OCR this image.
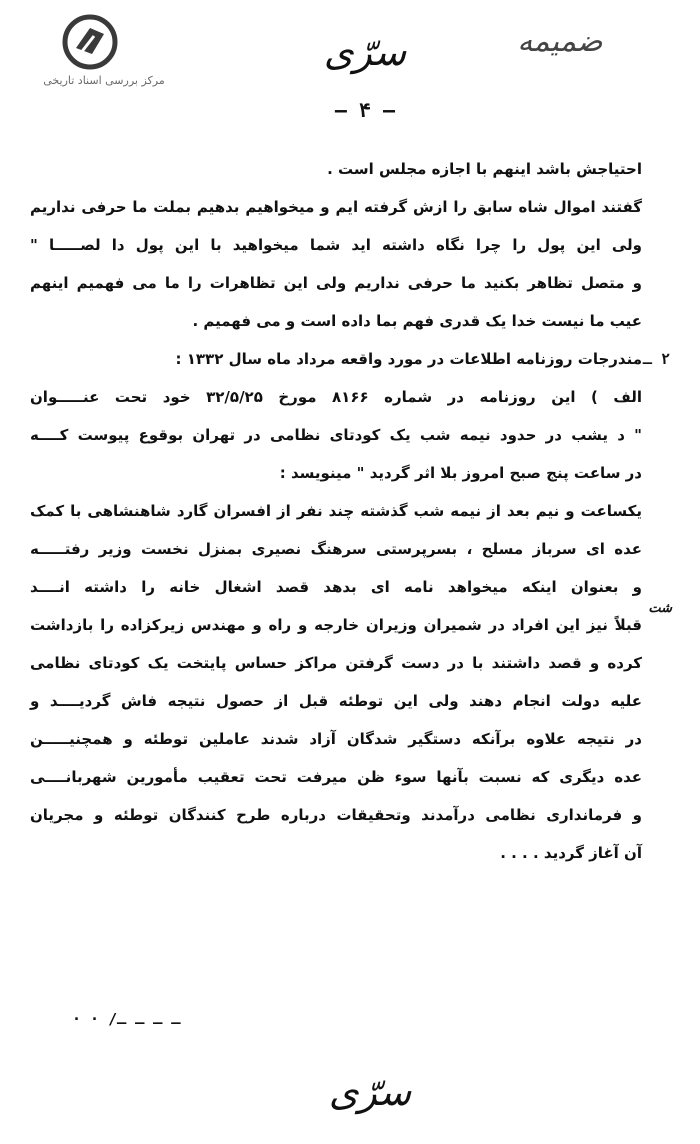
مرکز بررسی اسناد تاریخی
سرّی	ضمیمه
— ۴ —
احتیاجش باشد اینهم با اجازه مجلس است .
گفتند اموال شاه سابق را ازش گرفته ایم و میخواهیم بدهیم بملت ما حرفی نداریم
ولی این پول را چرا نگاه داشته اید شما میخواهید با این پول دا لصـــــا "
و متصل تظاهر بکنید ما حرفی نداریم ولی این تظاهرات را ما می فهمیم اینهم
عیب ما نیست خدا یک قدری فهم بما داده است و می فهمیم .
۲ ـ
مندرجات روزنامه اطلاعات در مورد واقعه مرداد ماه سال ۱۳۳۲ :
الف ) این روزنامه در شماره ۸۱۶۶ مورخ ۳۲/۵/۲۵ خود تحت عنـــــوان
" د یشب در حدود نیمه شب یک کودتای نظامی در تهران بوقوع پیوست کــــه
در ساعت پنج صبح امروز بلا اثر گردید " مینویسد :
یکساعت و نیم بعد از نیمه شب گذشته چند نفر از افسران گارد شاهنشاهی با کمک
عده ای سرباز مسلح ، بسرپرستی سرهنگ نصیری بمنزل نخست وزیر رفتـــــه
و بعنوان اینکه میخواهد نامه ای بدهد قصد اشغال خانه را داشته انــــد
شت
قبلاً نیز این افراد در شمیران وزیران خارجه و راه و مهندس زیرکزاده را بازداشت
کرده و قصد داشتند با در دست گرفتن مراکز حساس پایتخت یک کودتای نظامی
علیه دولت انجام دهند ولی این توطئه قبل از حصول نتیجه فاش گردیــــد و
در نتیجه علاوه برآنکه دستگیر شدگان آزاد شدند عاملین توطئه و همچنیـــــن
عده دیگری که نسبت بآنها سوء ظن میرفت تحت تعقیب مأمورین شهربانــــی
و فرمانداری نظامی درآمدند وتحقیقات درباره طرح کنندگان توطئه و مجریان
آن آغاز گردید . . . .
· · /ـ ـ ـ ـ
سرّی
